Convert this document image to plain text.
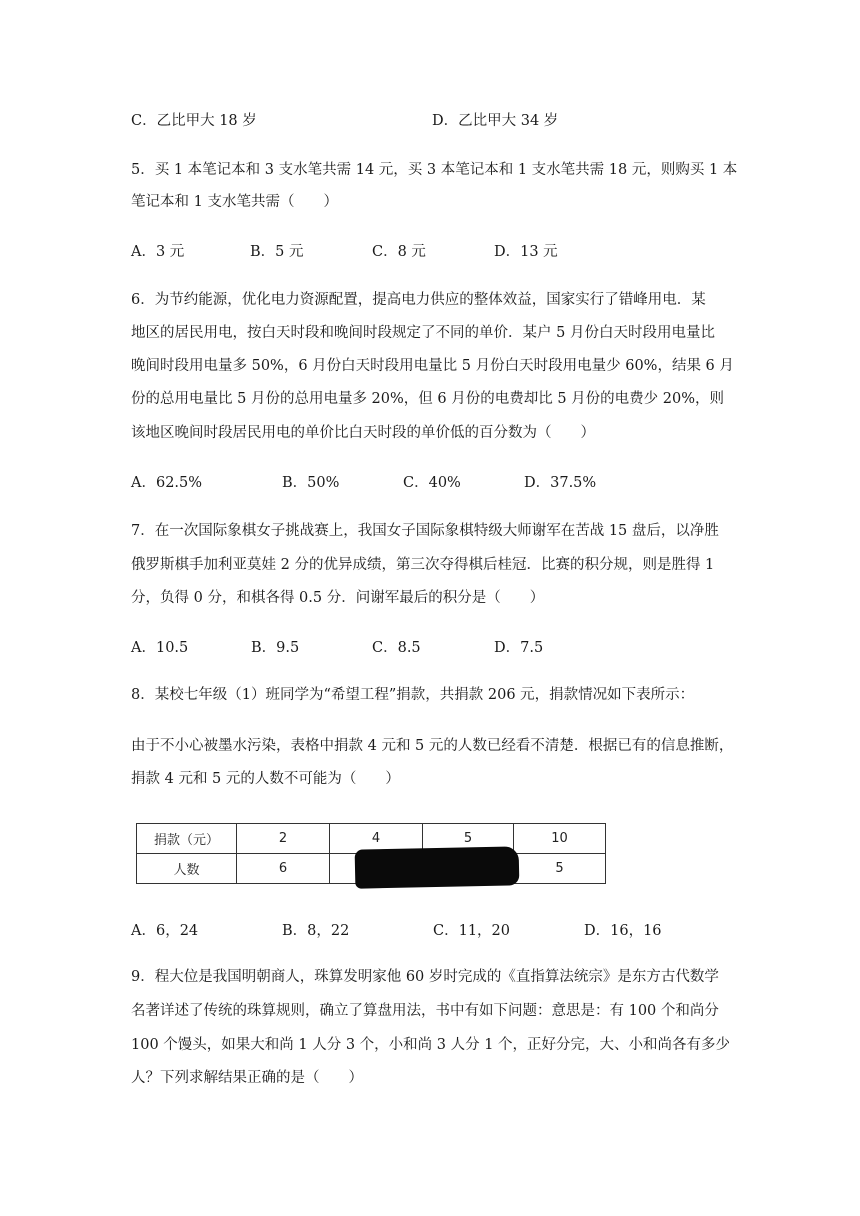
C．乙比甲大 18 岁	D．乙比甲大 34 岁
5．买 1 本笔记本和 3 支水笔共需 14 元，买 3 本笔记本和 1 支水笔共需 18 元，则购买 1 本
笔记本和 1 支水笔共需（　　）
A．3 元	B．5 元	C．8 元	D．13 元
6．为节约能源，优化电力资源配置，提高电力供应的整体效益，国家实行了错峰用电．某
地区的居民用电，按白天时段和晚间时段规定了不同的单价．某户 5 月份白天时段用电量比
晚间时段用电量多 50%，6 月份白天时段用电量比 5 月份白天时段用电量少 60%，结果 6 月
份的总用电量比 5 月份的总用电量多 20%，但 6 月份的电费却比 5 月份的电费少 20%，则
该地区晚间时段居民用电的单价比白天时段的单价低的百分数为（　　）
A．62.5%	B．50%	C．40%	D．37.5%
7．在一次国际象棋女子挑战赛上，我国女子国际象棋特级大师谢军在苦战 15 盘后，以净胜
俄罗斯棋手加利亚莫娃 2 分的优异成绩，第三次夺得棋后桂冠．比赛的积分规，则是胜得 1
分，负得 0 分，和棋各得 0.5 分．问谢军最后的积分是（　　）
A．10.5	B．9.5	C．8.5	D．7.5
8．某校七年级（1）班同学为“希望工程”捐款，共捐款 206 元，捐款情况如下表所示：
由于不小心被墨水污染，表格中捐款 4 元和 5 元的人数已经看不清楚．根据已有的信息推断，
捐款 4 元和 5 元的人数不可能为（　　）
捐款（元）	2	4	5	10
人数	6			5
A．6，24	B．8，22	C．11，20	D．16，16
9．程大位是我国明朝商人，珠算发明家他 60 岁时完成的《直指算法统宗》是东方古代数学
名著详述了传统的珠算规则，确立了算盘用法，书中有如下问题：意思是：有 100 个和尚分
100 个馒头，如果大和尚 1 人分 3 个，小和尚 3 人分 1 个，正好分完，大、小和尚各有多少
人？下列求解结果正确的是（　　）
